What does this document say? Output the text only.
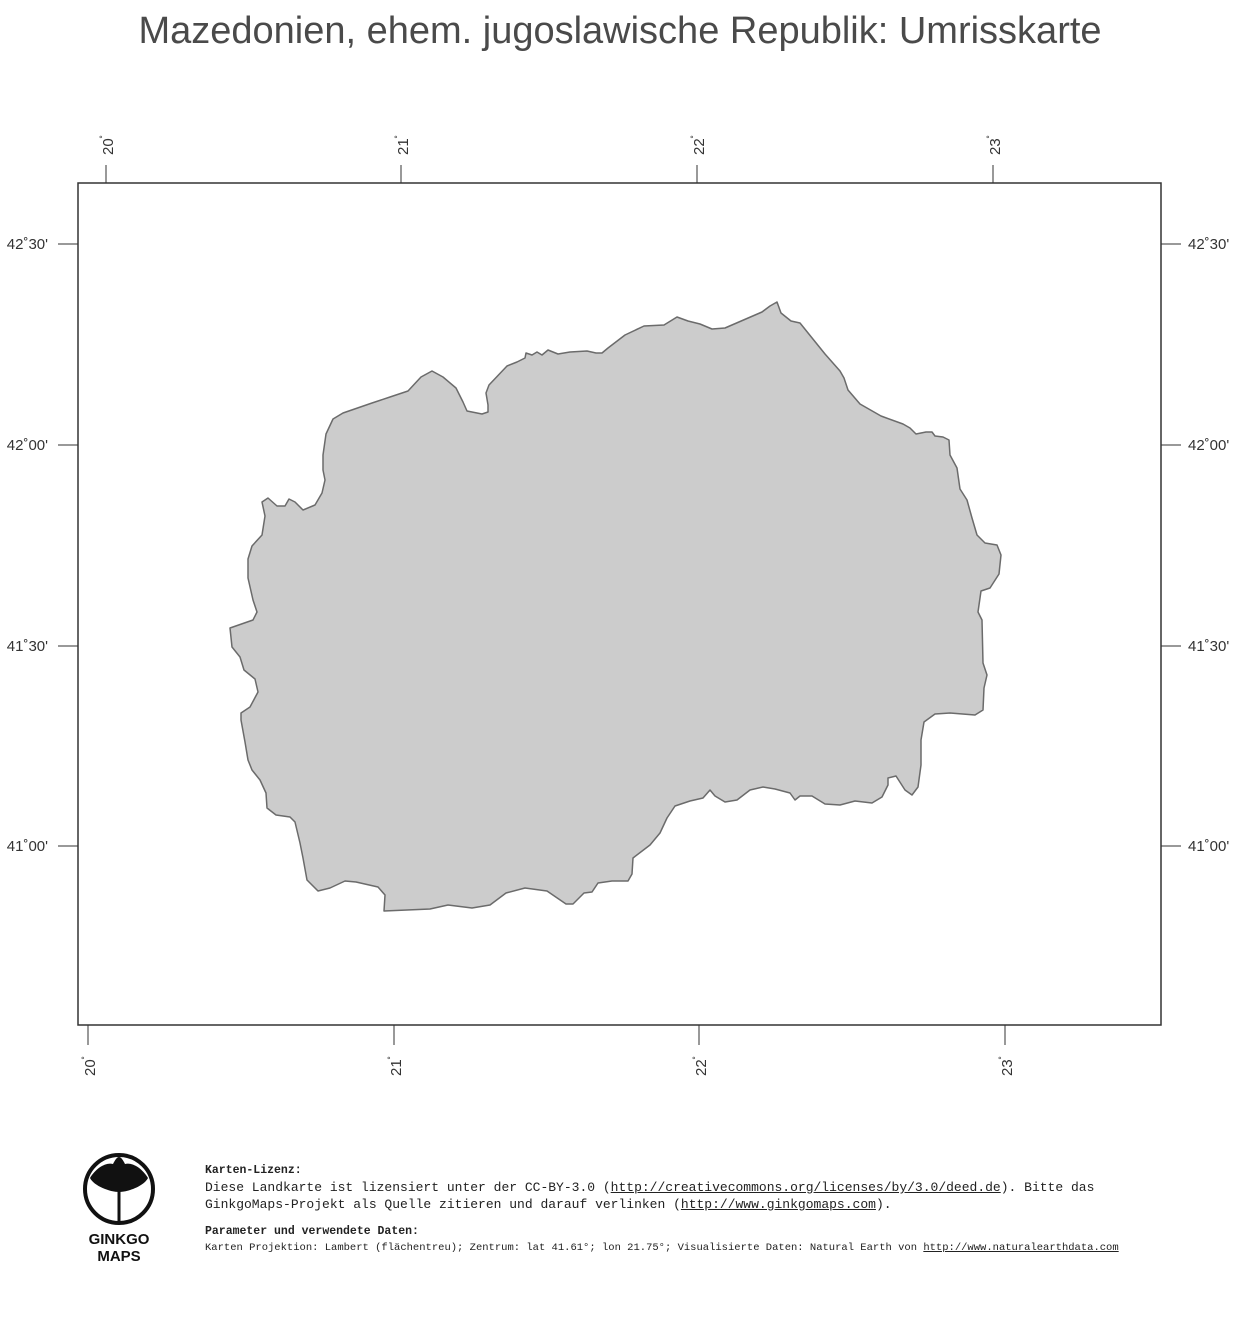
Mazedonien, ehem. jugoslawische Republik: Umrisskarte
20˚
21˚
22˚
23˚
20˚
21˚
22˚
23˚
42˚30'
42˚00'
41˚30'
41˚00'
42˚30'
42˚00'
41˚30'
41˚00'
GINKGO
MAPS
Karten-Lizenz:
Diese Landkarte ist lizensiert unter der CC-BY-3.0 (http://creativecommons.org/licenses/by/3.0/deed.de). Bitte das
GinkgoMaps-Projekt als Quelle zitieren und darauf verlinken (http://www.ginkgomaps.com).
Parameter und verwendete Daten:
Karten Projektion: Lambert (flächentreu); Zentrum: lat 41.61°; lon 21.75°; Visualisierte Daten: Natural Earth von http://www.naturalearthdata.com
